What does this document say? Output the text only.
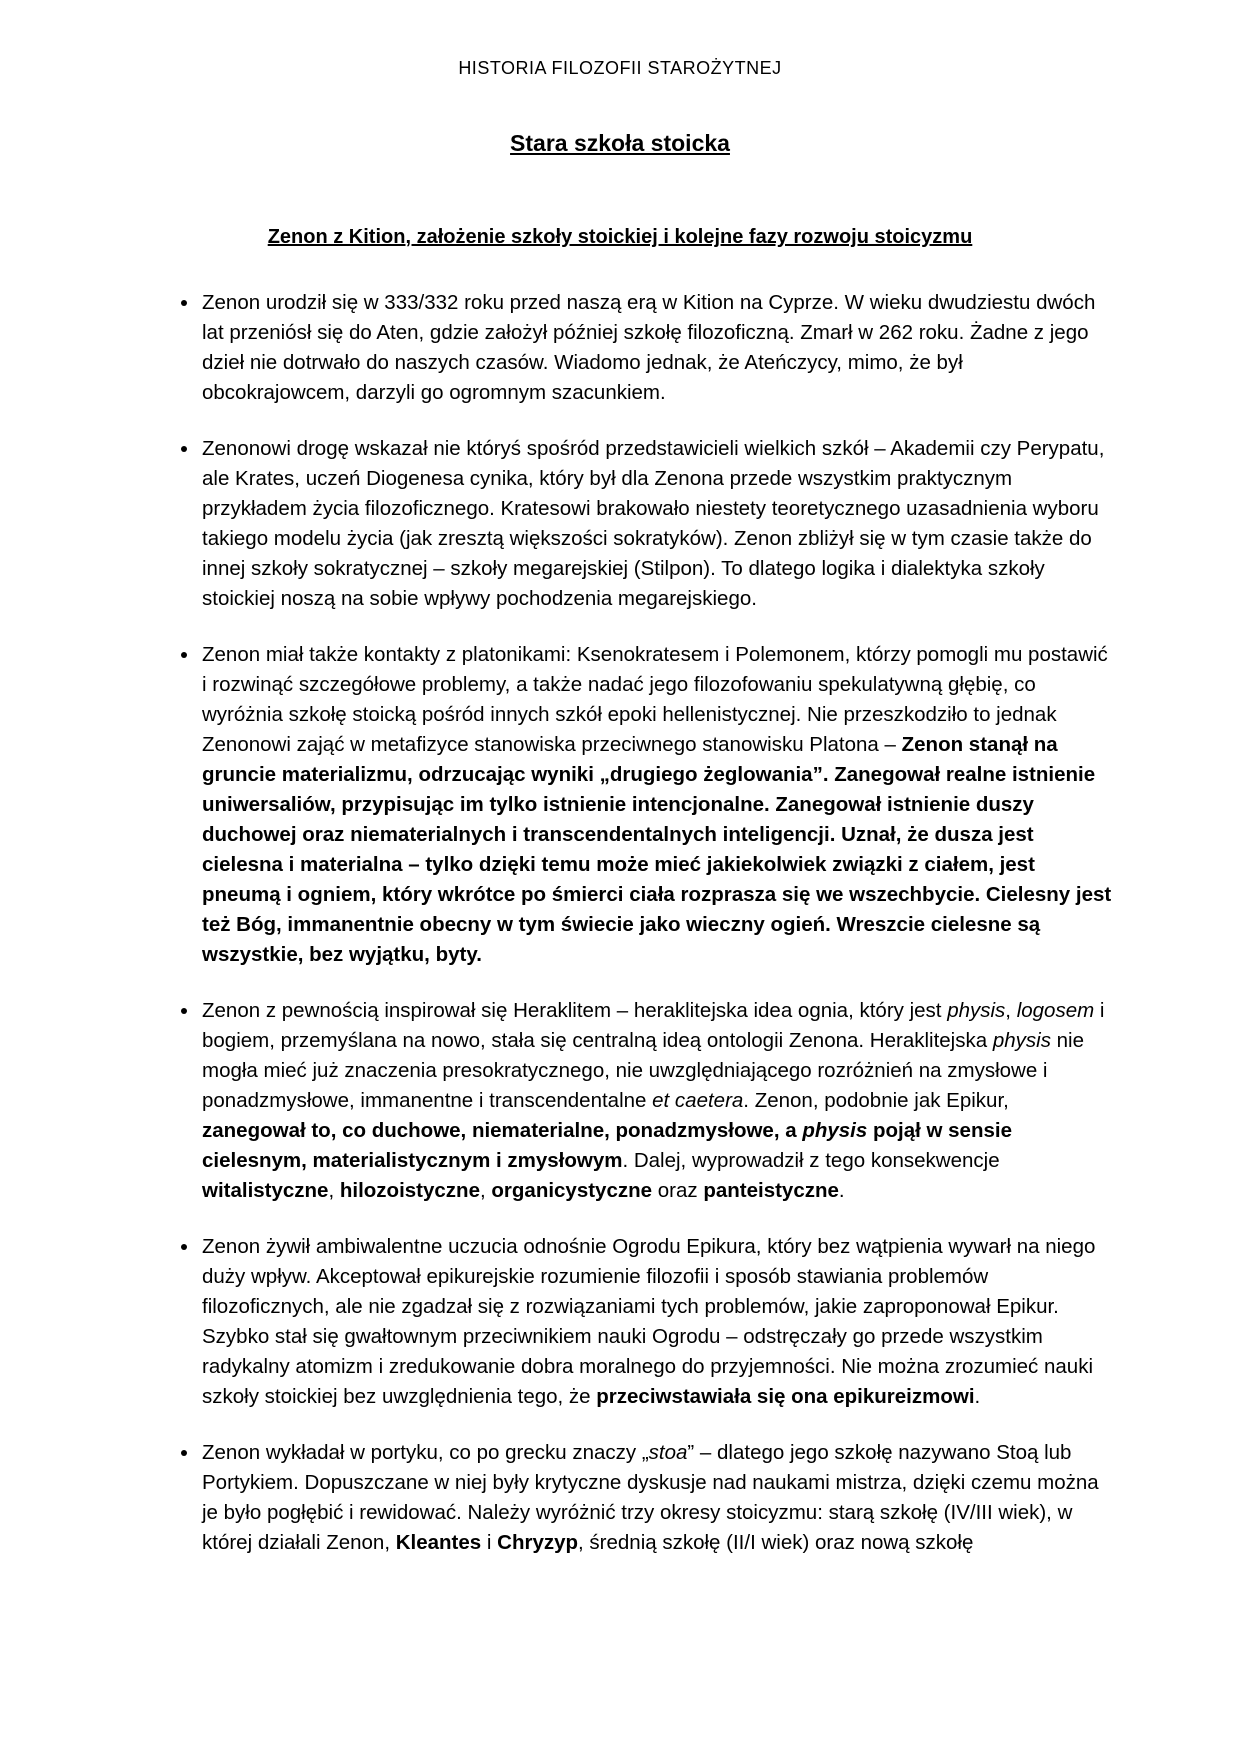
HISTORIA FILOZOFII STAROŻYTNEJ
Stara szkoła stoicka
Zenon z Kition, założenie szkoły stoickiej i kolejne fazy rozwoju stoicyzmu
• Zenon urodził się w 333/332 roku przed naszą erą w Kition na Cyprze. W wieku dwudziestu dwóch lat przeniósł się do Aten, gdzie założył później szkołę filozoficzną. Zmarł w 262 roku. Żadne z jego dzieł nie dotrwało do naszych czasów. Wiadomo jednak, że Ateńczycy, mimo, że był obcokrajowcem, darzyli go ogromnym szacunkiem.
• Zenonowi drogę wskazał nie któryś spośród przedstawicieli wielkich szkół – Akademii czy Perypatu, ale Krates, uczeń Diogenesa cynika, który był dla Zenona przede wszystkim praktycznym przykładem życia filozoficznego. Kratesowi brakowało niestety teoretycznego uzasadnienia wyboru takiego modelu życia (jak zresztą większości sokratyków). Zenon zbliżył się w tym czasie także do innej szkoły sokratycznej – szkoły megarejskiej (Stilpon). To dlatego logika i dialektyka szkoły stoickiej noszą na sobie wpływy pochodzenia megarejskiego.
• Zenon miał także kontakty z platonikami: Ksenokratesem i Polemonem, którzy pomogli mu postawić i rozwinąć szczegółowe problemy, a także nadać jego filozofowaniu spekulatywną głębię, co wyróżnia szkołę stoicką pośród innych szkół epoki hellenistycznej. Nie przeszkodziło to jednak Zenonowi zająć w metafizyce stanowiska przeciwnego stanowisku Platona – Zenon stanął na gruncie materializmu, odrzucając wyniki „drugiego żeglowania”. Zanegował realne istnienie uniwersaliów, przypisując im tylko istnienie intencjonalne. Zanegował istnienie duszy duchowej oraz niematerialnych i transcendentalnych inteligencji. Uznał, że dusza jest cielesna i materialna – tylko dzięki temu może mieć jakiekolwiek związki z ciałem, jest pneumą i ogniem, który wkrótce po śmierci ciała rozprasza się we wszechbycie. Cielesny jest też Bóg, immanentnie obecny w tym świecie jako wieczny ogień. Wreszcie cielesne są wszystkie, bez wyjątku, byty.
• Zenon z pewnością inspirował się Heraklitem – heraklitejska idea ognia, który jest physis, logosem i bogiem, przemyślana na nowo, stała się centralną ideą ontologii Zenona. Heraklitejska physis nie mogła mieć już znaczenia presokratycznego, nie uwzględniającego rozróżnień na zmysłowe i ponadzmysłowe, immanentne i transcendentalne et caetera. Zenon, podobnie jak Epikur, zanegował to, co duchowe, niematerialne, ponadzmysłowe, a physis pojął w sensie cielesnym, materialistycznym i zmysłowym. Dalej, wyprowadził z tego konsekwencje witalistyczne, hilozoistyczne, organicystyczne oraz panteistyczne.
• Zenon żywił ambiwalentne uczucia odnośnie Ogrodu Epikura, który bez wątpienia wywarł na niego duży wpływ. Akceptował epikurejskie rozumienie filozofii i sposób stawiania problemów filozoficznych, ale nie zgadzał się z rozwiązaniami tych problemów, jakie zaproponował Epikur. Szybko stał się gwałtownym przeciwnikiem nauki Ogrodu – odstręczały go przede wszystkim radykalny atomizm i zredukowanie dobra moralnego do przyjemności. Nie można zrozumieć nauki szkoły stoickiej bez uwzględnienia tego, że przeciwstawiała się ona epikureizmowi.
• Zenon wykładał w portyku, co po grecku znaczy „stoa” – dlatego jego szkołę nazywano Stoą lub Portykiem. Dopuszczane w niej były krytyczne dyskusje nad naukami mistrza, dzięki czemu można je było pogłębić i rewidować. Należy wyróżnić trzy okresy stoicyzmu: starą szkołę (IV/III wiek), w której działali Zenon, Kleantes i Chryzyp, średnią szkołę (II/I wiek) oraz nową szkołę
